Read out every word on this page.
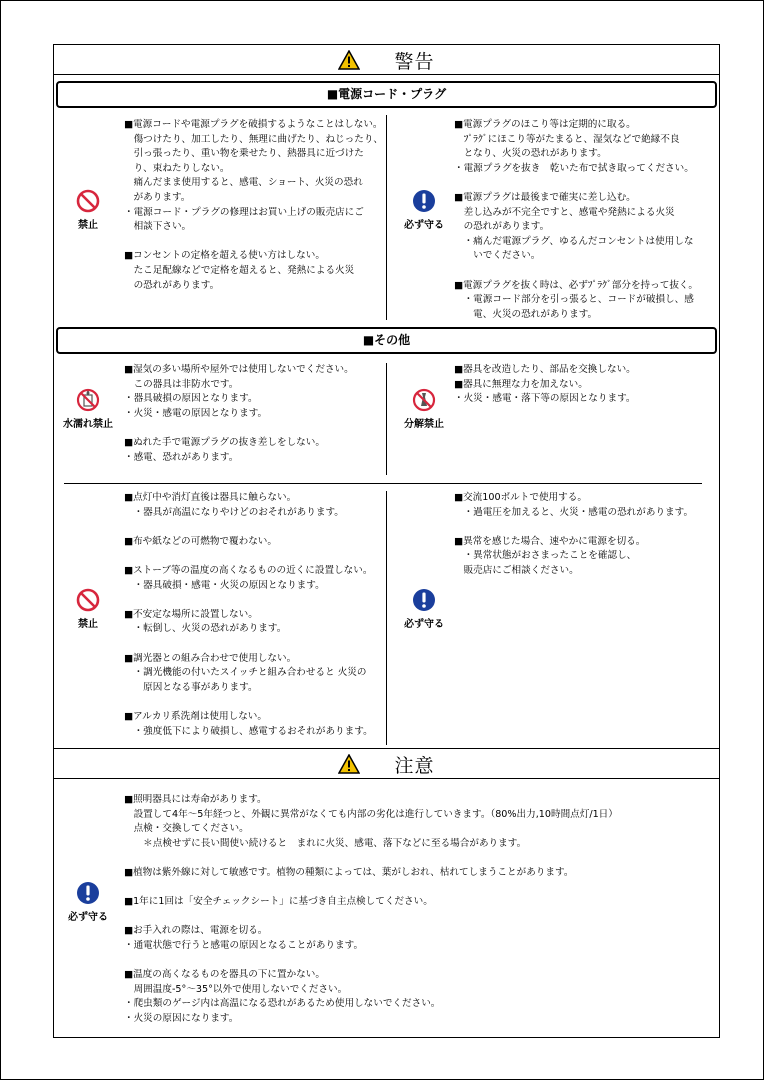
警告
■電源コード・プラグ
禁止
■電源コードや電源プラグを破損するようなことはしない。
　傷つけたり、加工したり、無理に曲げたり、ねじったり、
　引っ張ったり、重い物を乗せたり、熱器具に近づけた
　り、束ねたりしない。
　痛んだまま使用すると、感電、ショート、火災の恐れ
　があります。
・電源コード・プラグの修理はお買い上げの販売店にご
　相談下さい。

■コンセントの定格を超える使い方はしない。
　たこ足配線などで定格を超えると、発熱による火災
　の恐れがあります。
必ず守る
■電源プラグのほこり等は定期的に取る。
　ﾌﾟﾗｸﾞにほこり等がたまると、湿気などで絶縁不良
　となり、火災の恐れがあります。
・電源プラグを抜き　乾いた布で拭き取ってください。

■電源プラグは最後まで確実に差し込む。
　差し込みが不完全ですと、感電や発熱による火災
　の恐れがあります。
　・痛んだ電源プラグ、ゆるんだコンセントは使用しな
　　いでください。

■電源プラグを抜く時は、必ずﾌﾟﾗｸﾞ部分を持って抜く。
　・電源コード部分を引っ張ると、コードが破損し、感
　　電、火災の恐れがあります。
■その他
水濡れ禁止
■湿気の多い場所や屋外では使用しないでください。
　この器具は非防水です。
・器具破損の原因となります。
・火災・感電の原因となります。

■ぬれた手で電源プラグの抜き差しをしない。
・感電、恐れがあります。
分解禁止
■器具を改造したり、部品を交換しない。
■器具に無理な力を加えない。
・火災・感電・落下等の原因となります。
禁止
■点灯中や消灯直後は器具に触らない。
　・器具が高温になりやけどのおそれがあります。

■布や紙などの可燃物で覆わない。

■ストーブ等の温度の高くなるものの近くに設置しない。
　・器具破損・感電・火災の原因となります。

■不安定な場所に設置しない。
　・転倒し、火災の恐れがあります。

■調光器との組み合わせで使用しない。
　・調光機能の付いたスイッチと組み合わせると 火災の
　　原因となる事があります。

■アルカリ系洗剤は使用しない。
　・強度低下により破損し、感電するおそれがあります。
必ず守る
■交流100ボルトで使用する。
　・過電圧を加えると、火災・感電の恐れがあります。

■異常を感じた場合、速やかに電源を切る。
　・異常状態がおさまったことを確認し、
　販売店にご相談ください。
注意
必ず守る
■照明器具には寿命があります。
　設置して4年～5年経つと、外観に異常がなくても内部の劣化は進行していきます。（80%出力,10時間点灯/1日）
　点検・交換してください。
　　＊点検せずに長い間使い続けると　まれに火災、感電、落下などに至る場合があります。

■植物は紫外線に対して敏感です。植物の種類によっては、葉がしおれ、枯れてしまうことがあります。

■1年に1回は「安全チェックシート」に基づき自主点検してください。

■お手入れの際は、電源を切る。
・通電状態で行うと感電の原因となることがあります。

■温度の高くなるものを器具の下に置かない。
　周囲温度-5°～35°以外で使用しないでください。
・爬虫類のゲージ内は高温になる恐れがあるため使用しないでください。
・火災の原因になります。
